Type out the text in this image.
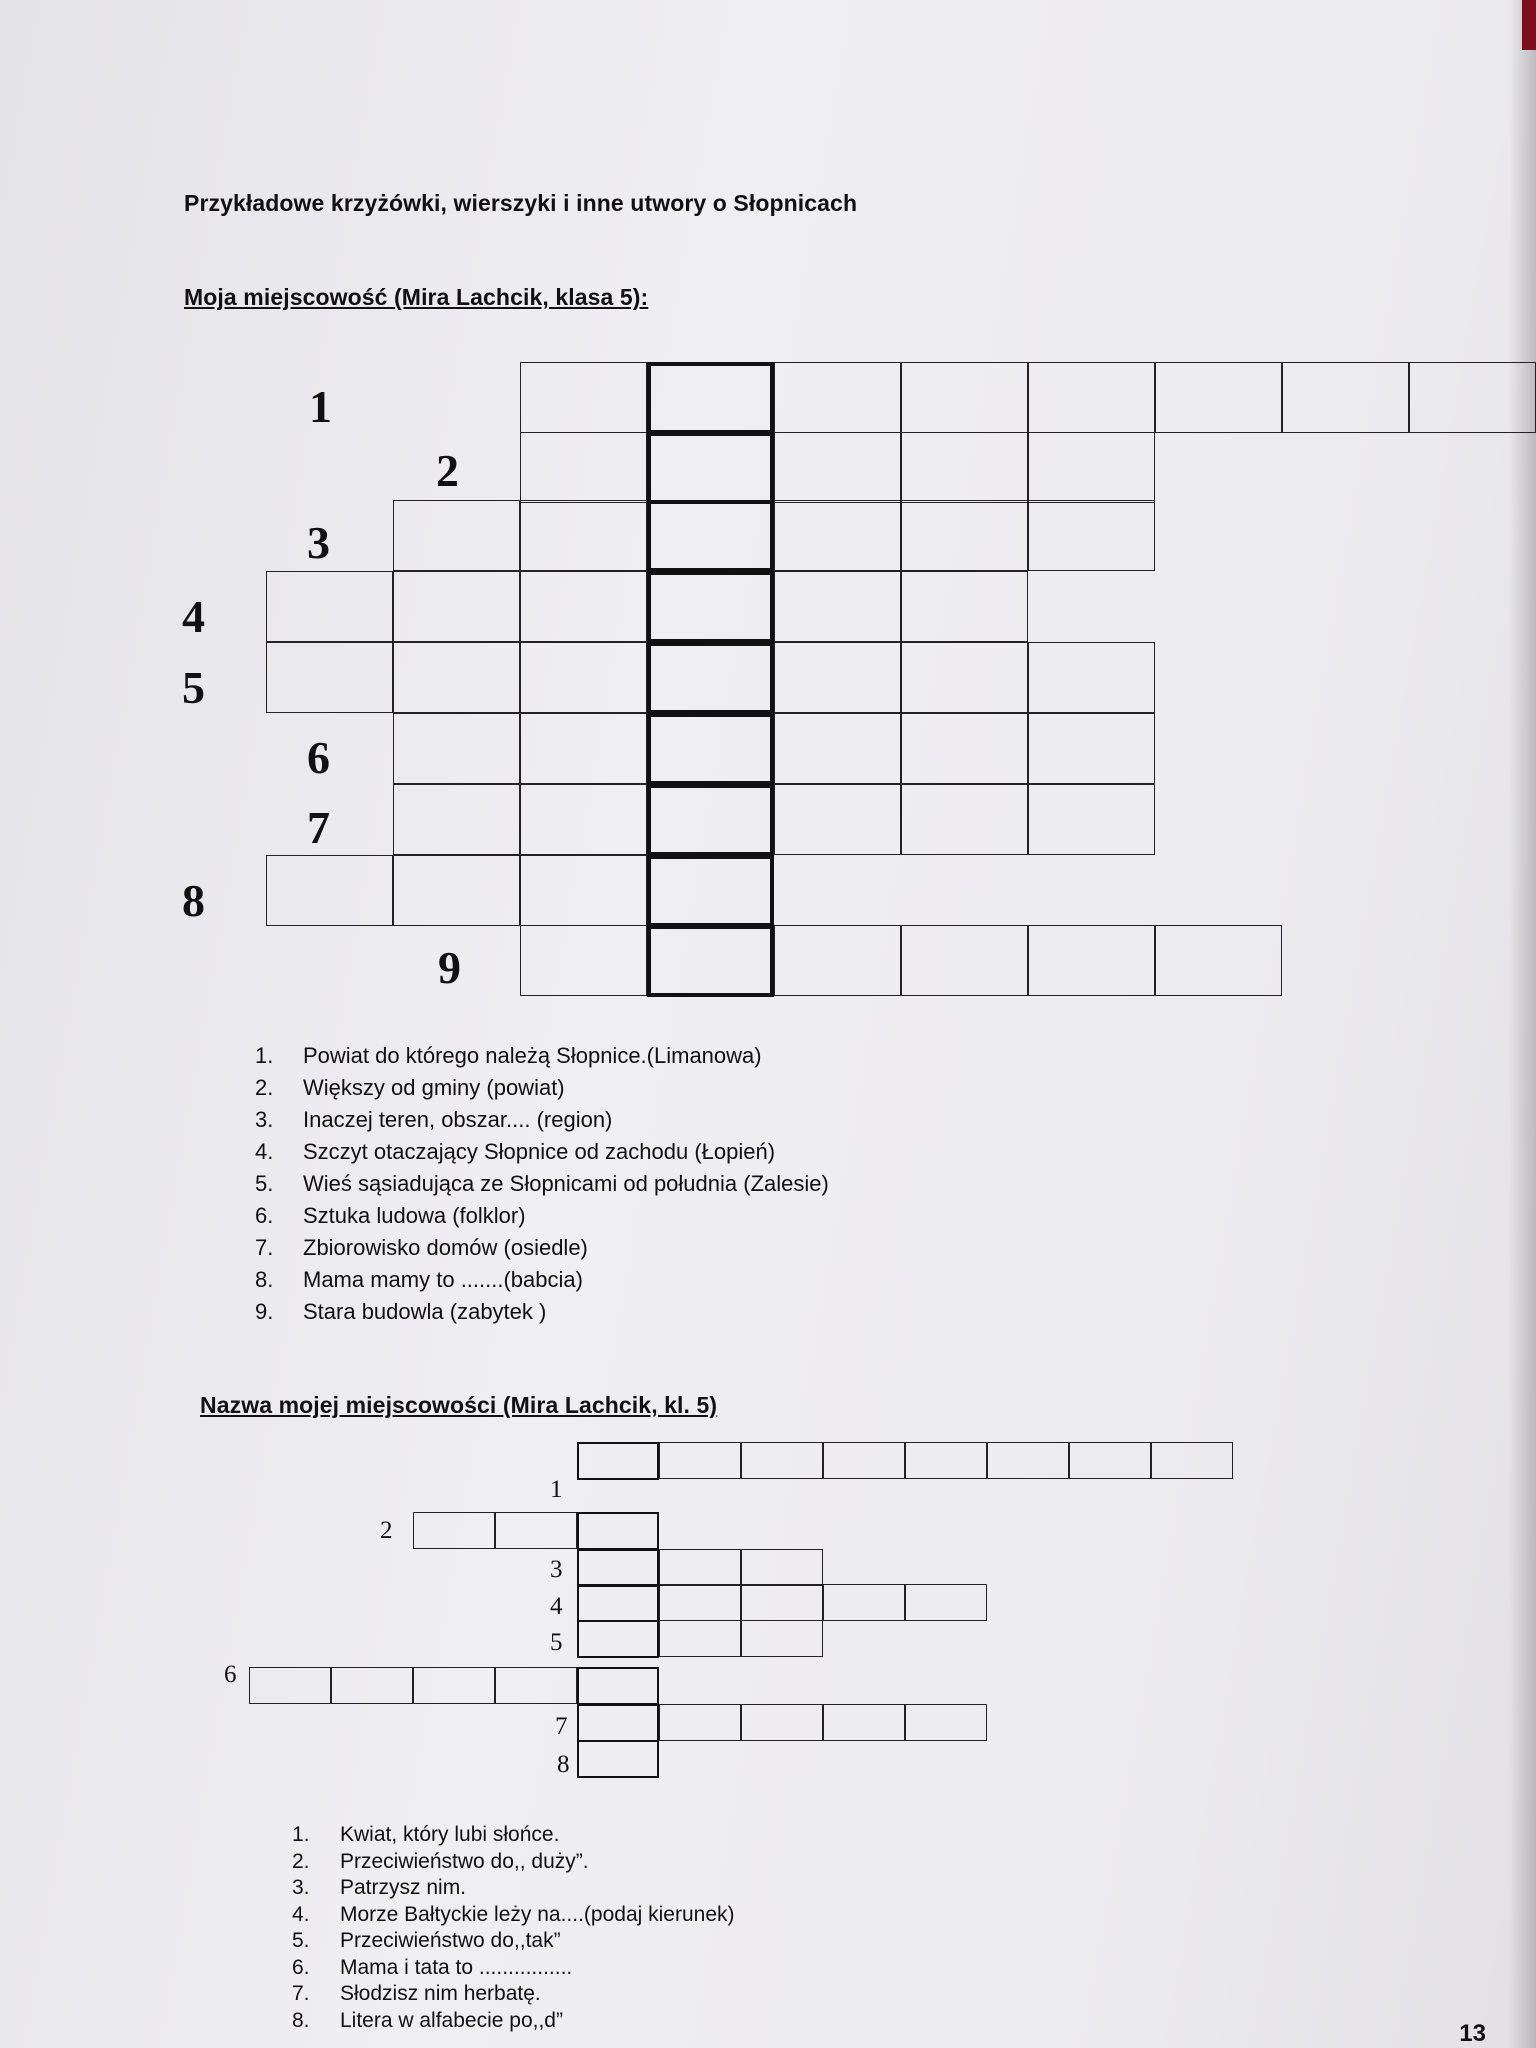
Przykładowe krzyżówki, wierszyki i inne utwory o Słopnicach
Moja miejscowość (Mira Lachcik, klasa 5):
1
2
3
4
5
6
7
8
9
1. Powiat do którego należą Słopnice.(Limanowa)
2. Większy od gminy (powiat)
3. Inaczej teren, obszar.... (region)
4. Szczyt otaczający Słopnice od zachodu (Łopień)
5. Wieś sąsiadująca ze Słopnicami od południa (Zalesie)
6. Sztuka ludowa (folklor)
7. Zbiorowisko domów (osiedle)
8. Mama mamy to .......(babcia)
9. Stara budowla (zabytek )
Nazwa mojej miejscowości (Mira Lachcik, kl. 5)
1
2
3
4
5
6
7
8
1. Kwiat, który lubi słońce.
2. Przeciwieństwo do,, duży”.
3. Patrzysz nim.
4. Morze Bałtyckie leży na....(podaj kierunek)
5. Przeciwieństwo do,,tak”
6. Mama i tata to ................
7. Słodzisz nim herbatę.
8. Litera w alfabecie po,,d”	13
